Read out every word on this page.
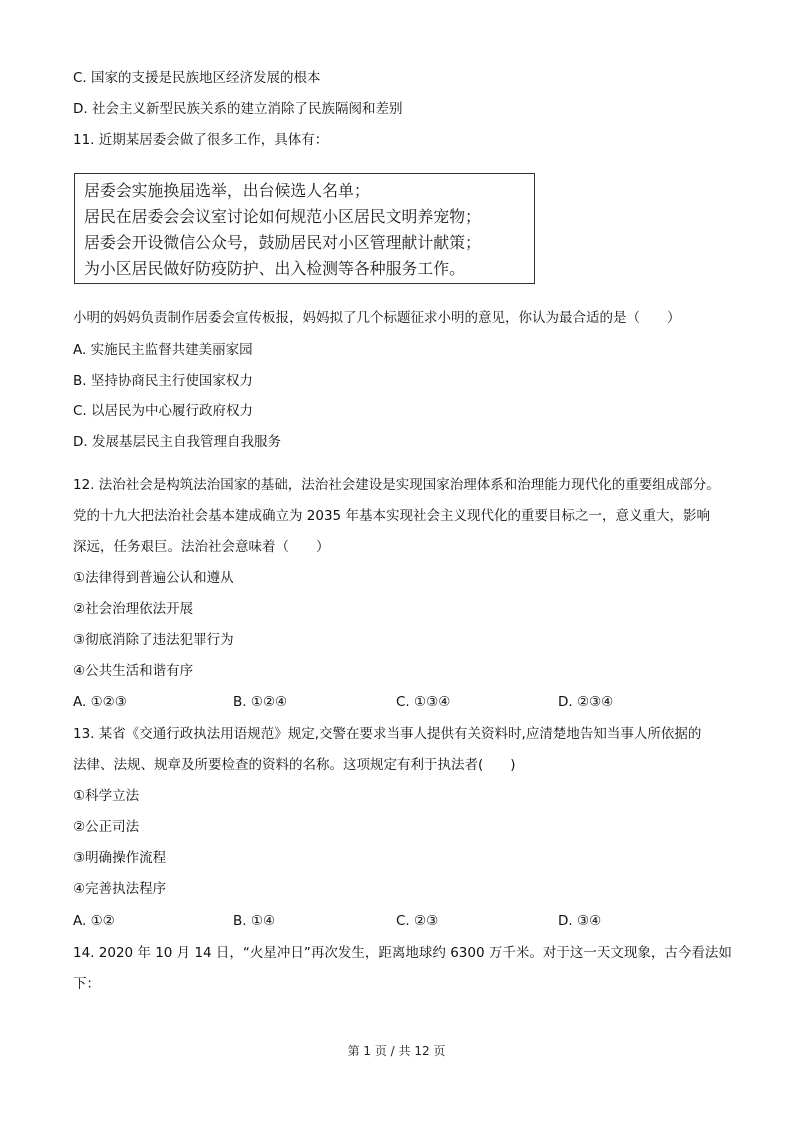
C. 国家的支援是民族地区经济发展的根本
D. 社会主义新型民族关系的建立消除了民族隔阂和差别
11. 近期某居委会做了很多工作，具体有：
居委会实施换届选举，出台候选人名单；
居民在居委会会议室讨论如何规范小区居民文明养宠物；
居委会开设微信公众号，鼓励居民对小区管理献计献策；
为小区居民做好防疫防护、出入检测等各种服务工作。
小明的妈妈负责制作居委会宣传板报，妈妈拟了几个标题征求小明的意见，你认为最合适的是（　　）
A. 实施民主监督共建美丽家园
B. 坚持协商民主行使国家权力
C. 以居民为中心履行政府权力
D. 发展基层民主自我管理自我服务
12. 法治社会是构筑法治国家的基础，法治社会建设是实现国家治理体系和治理能力现代化的重要组成部分。
党的十九大把法治社会基本建成确立为 2035 年基本实现社会主义现代化的重要目标之一，意义重大，影响
深远，任务艰巨。法治社会意味着（　　）
①法律得到普遍公认和遵从
②社会治理依法开展
③彻底消除了违法犯罪行为
④公共生活和谐有序
A. ①②③	B. ①②④	C. ①③④	D. ②③④
13. 某省《交通行政执法用语规范》规定,交警在要求当事人提供有关资料时,应清楚地告知当事人所依据的
法律、法规、规章及所要检查的资料的名称。这项规定有利于执法者(　　)
①科学立法
②公正司法
③明确操作流程
④完善执法程序
A. ①②	B. ①④	C. ②③	D. ③④
14. 2020 年 10 月 14 日，“火星冲日”再次发生，距离地球约 6300 万千米。对于这一天文现象，古今看法如
下：
第 1 页 / 共 12 页
